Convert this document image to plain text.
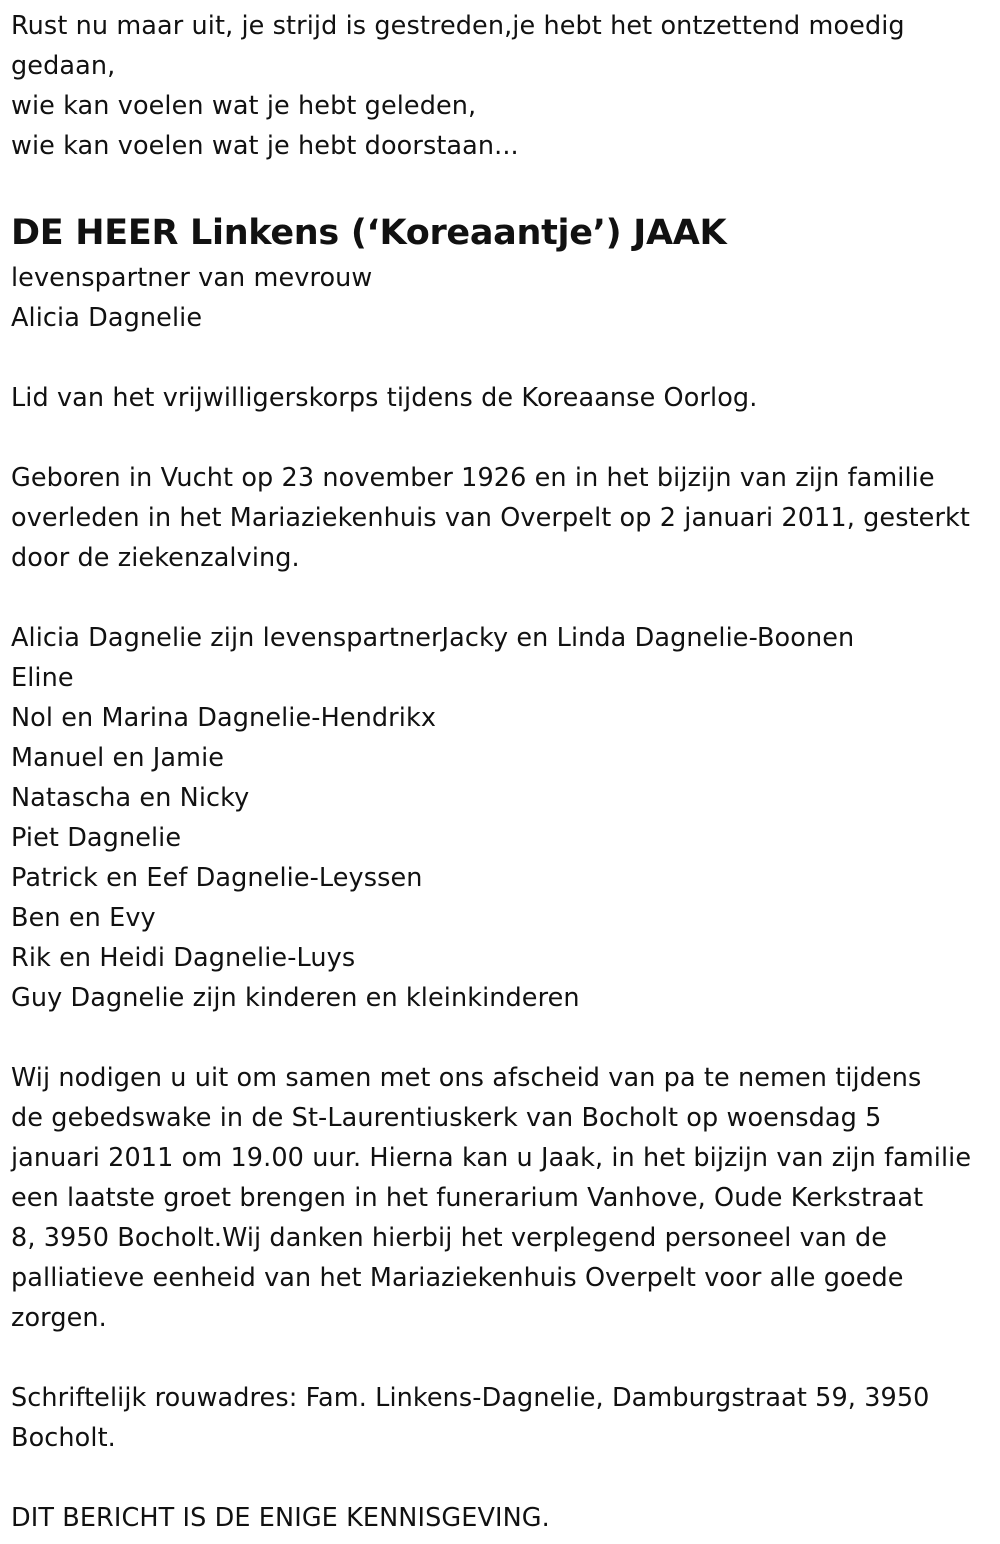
Rust nu maar uit, je strijd is gestreden,je hebt het ontzettend moedig
gedaan,
wie kan voelen wat je hebt geleden,
wie kan voelen wat je hebt doorstaan...
DE HEER Linkens (‘Koreaantje’) JAAK
levenspartner van mevrouw
Alicia Dagnelie
Lid van het vrijwilligerskorps tijdens de Koreaanse Oorlog.
Geboren in Vucht op 23 november 1926 en in het bijzijn van zijn familie
overleden in het Mariaziekenhuis van Overpelt op 2 januari 2011, gesterkt
door de ziekenzalving.
Alicia Dagnelie zijn levenspartnerJacky en Linda Dagnelie-Boonen
Eline
Nol en Marina Dagnelie-Hendrikx
Manuel en Jamie
Natascha en Nicky
Piet Dagnelie
Patrick en Eef Dagnelie-Leyssen
Ben en Evy
Rik en Heidi Dagnelie-Luys
Guy Dagnelie zijn kinderen en kleinkinderen
Wij nodigen u uit om samen met ons afscheid van pa te nemen tijdens
de gebedswake in de St-Laurentiuskerk van Bocholt op woensdag 5
januari 2011 om 19.00 uur. Hierna kan u Jaak, in het bijzijn van zijn familie
een laatste groet brengen in het funerarium Vanhove, Oude Kerkstraat
8, 3950 Bocholt.Wij danken hierbij het verplegend personeel van de
palliatieve eenheid van het Mariaziekenhuis Overpelt voor alle goede
zorgen.
Schriftelijk rouwadres: Fam. Linkens-Dagnelie, Damburgstraat 59, 3950
Bocholt.
DIT BERICHT IS DE ENIGE KENNISGEVING.
